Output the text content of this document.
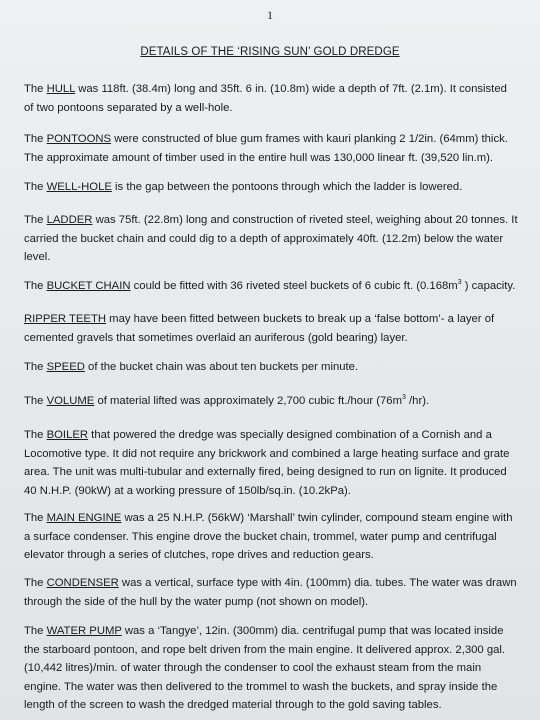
1
DETAILS OF THE ‘RISING SUN’ GOLD DREDGE

The HULL was 118ft. (38.4m) long and 35ft. 6 in. (10.8m) wide a depth of 7ft. (2.1m). It consisted of two pontoons separated by a well-hole.

The PONTOONS were constructed of blue gum frames with kauri planking 2 1/2in. (64mm) thick. The approximate amount of timber used in the entire hull was 130,000 linear ft. (39,520 lin.m).

The WELL-HOLE is the gap between the pontoons through which the ladder is lowered.

The LADDER was 75ft. (22.8m) long and construction of riveted steel, weighing about 20 tonnes. It carried the bucket chain and could dig to a depth of approximately 40ft. (12.2m) below the water level.

The BUCKET CHAIN could be fitted with 36 riveted steel buckets of 6 cubic ft. ($0.168m^3$ ) capacity.

RIPPER TEETH may have been fitted between buckets to break up a ‘false bottom’- a layer of cemented gravels that sometimes overlaid an auriferous (gold bearing) layer.

The SPEED of the bucket chain was about ten buckets per minute.

The VOLUME of material lifted was approximately 2,700 cubic ft./hour ($76m^3$ /hr).

The BOILER that powered the dredge was specially designed combination of a Cornish and a Locomotive type. It did not require any brickwork and combined a large heating surface and grate area. The unit was multi-tubular and externally fired, being designed to run on lignite. It produced 40 N.H.P. (90kW) at a working pressure of 150lb/sq.in. (10.2kPa).

The MAIN ENGINE was a 25 N.H.P. (56kW) ‘Marshall’ twin cylinder, compound steam engine with a surface condenser. This engine drove the bucket chain, trommel, water pump and centrifugal elevator through a series of clutches, rope drives and reduction gears.

The CONDENSER was a vertical, surface type with 4in. (100mm) dia. tubes. The water was drawn through the side of the hull by the water pump (not shown on model).

The WATER PUMP was a ‘Tangye’, 12in. (300mm) dia. centrifugal pump that was located inside the starboard pontoon, and rope belt driven from the main engine. It delivered approx. 2,300 gal. (10,442 litres)/min. of water through the condenser to cool the exhaust steam from the main engine. The water was then delivered to the trommel to wash the buckets, and spray inside the length of the screen to wash the dredged material through to the gold saving tables.
